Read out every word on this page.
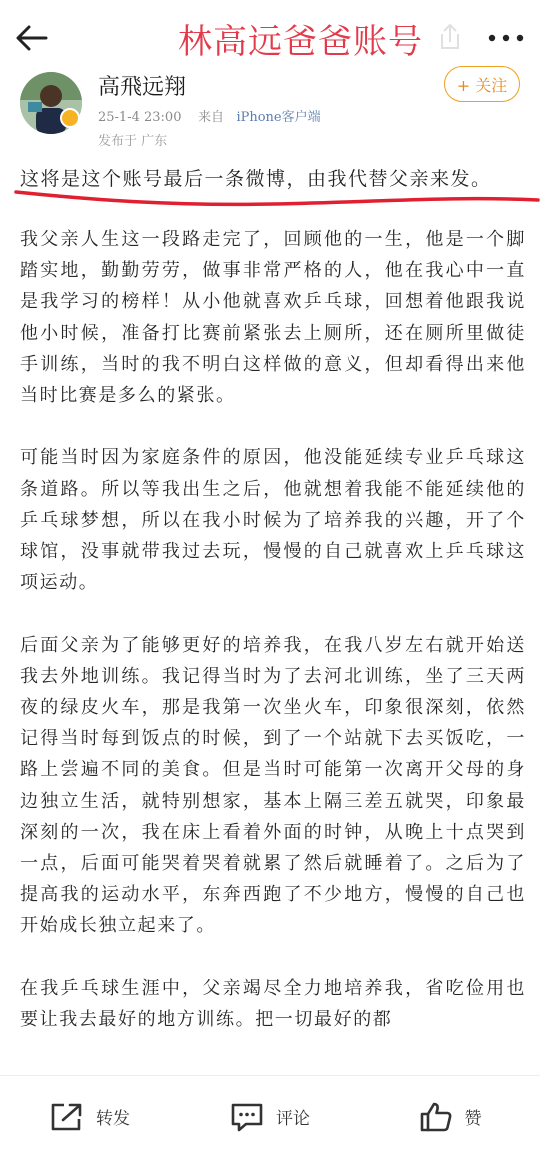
林高远爸爸账号
高飛远翔
25-1-4 23:00 来自 iPhone客户端
发布于 广东
+ 关注
这将是这个账号最后一条微博，由我代替父亲来发。

我父亲人生这一段路走完了，回顾他的一生，他是一个脚踏实地，勤勤劳劳，做事非常严格的人，他在我心中一直是我学习的榜样！从小他就喜欢乒乓球，回想着他跟我说他小时候，准备打比赛前紧张去上厕所，还在厕所里做徒手训练，当时的我不明白这样做的意义，但却看得出来他当时比赛是多么的紧张。

可能当时因为家庭条件的原因，他没能延续专业乒乓球这条道路。所以等我出生之后，他就想着我能不能延续他的乒乓球梦想，所以在我小时候为了培养我的兴趣，开了个球馆，没事就带我过去玩，慢慢的自己就喜欢上乒乓球这项运动。

后面父亲为了能够更好的培养我，在我八岁左右就开始送我去外地训练。我记得当时为了去河北训练，坐了三天两夜的绿皮火车，那是我第一次坐火车，印象很深刻，依然记得当时每到饭点的时候，到了一个站就下去买饭吃，一路上尝遍不同的美食。但是当时可能第一次离开父母的身边独立生活，就特别想家，基本上隔三差五就哭，印象最深刻的一次，我在床上看着外面的时钟，从晚上十点哭到一点，后面可能哭着哭着就累了然后就睡着了。之后为了提高我的运动水平，东奔西跑了不少地方，慢慢的自己也开始成长独立起来了。

在我乒乓球生涯中，父亲竭尽全力地培养我，省吃俭用也要让我去最好的地方训练。把一切最好的都

转发	评论	赞
